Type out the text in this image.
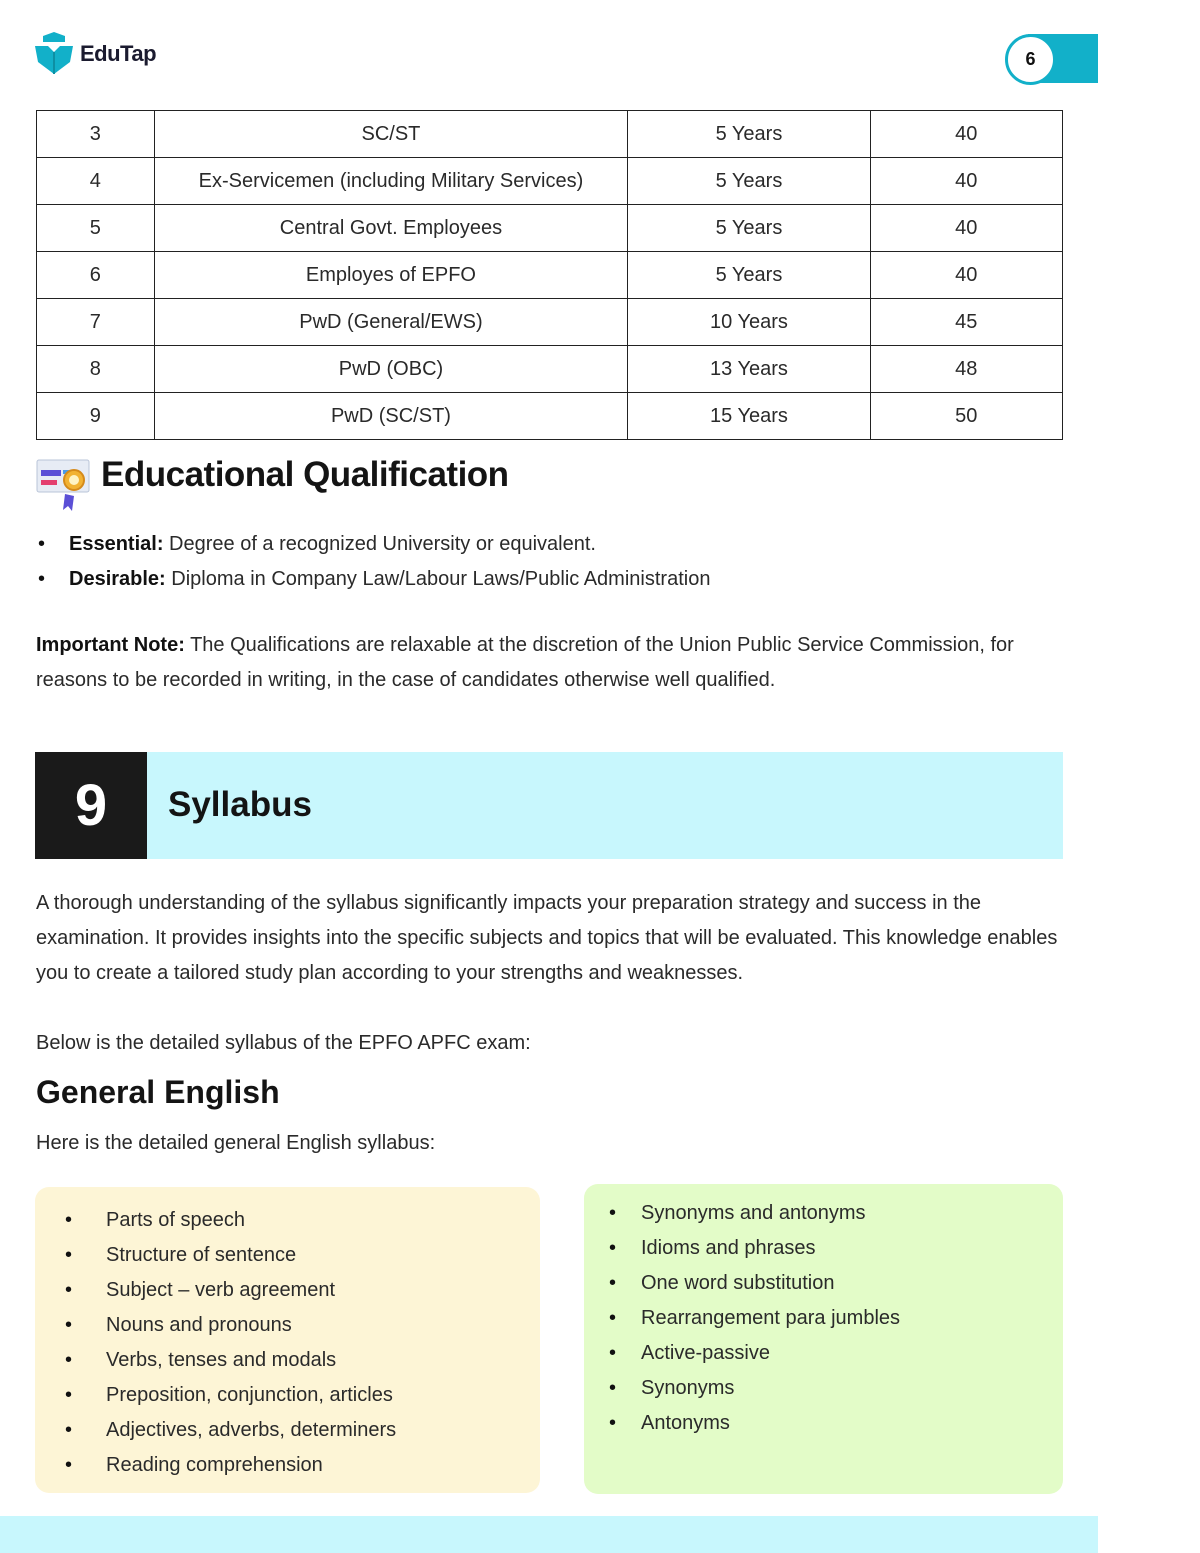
EduTap	6
3	SC/ST	5 Years	40
4	Ex-Servicemen (including Military Services)	5 Years	40
5	Central Govt. Employees	5 Years	40
6	Employes of EPFO	5 Years	40
7	PwD (General/EWS)	10 Years	45
8	PwD (OBC)	13 Years	48
9	PwD (SC/ST)	15 Years	50
Educational Qualification
• Essential: Degree of a recognized University or equivalent.
• Desirable: Diploma in Company Law/Labour Laws/Public Administration

Important Note: The Qualifications are relaxable at the discretion of the Union Public Service Commission, for reasons to be recorded in writing, in the case of candidates otherwise well qualified.

9	Syllabus

A thorough understanding of the syllabus significantly impacts your preparation strategy and success in the examination. It provides insights into the specific subjects and topics that will be evaluated. This knowledge enables you to create a tailored study plan according to your strengths and weaknesses.

Below is the detailed syllabus of the EPFO APFC exam:

General English

Here is the detailed general English syllabus:

• Parts of speech
• Structure of sentence
• Subject – verb agreement
• Nouns and pronouns
• Verbs, tenses and modals
• Preposition, conjunction, articles
• Adjectives, adverbs, determiners
• Reading comprehension
• Synonyms and antonyms
• Idioms and phrases
• One word substitution
• Rearrangement para jumbles
• Active-passive
• Synonyms
• Antonyms
